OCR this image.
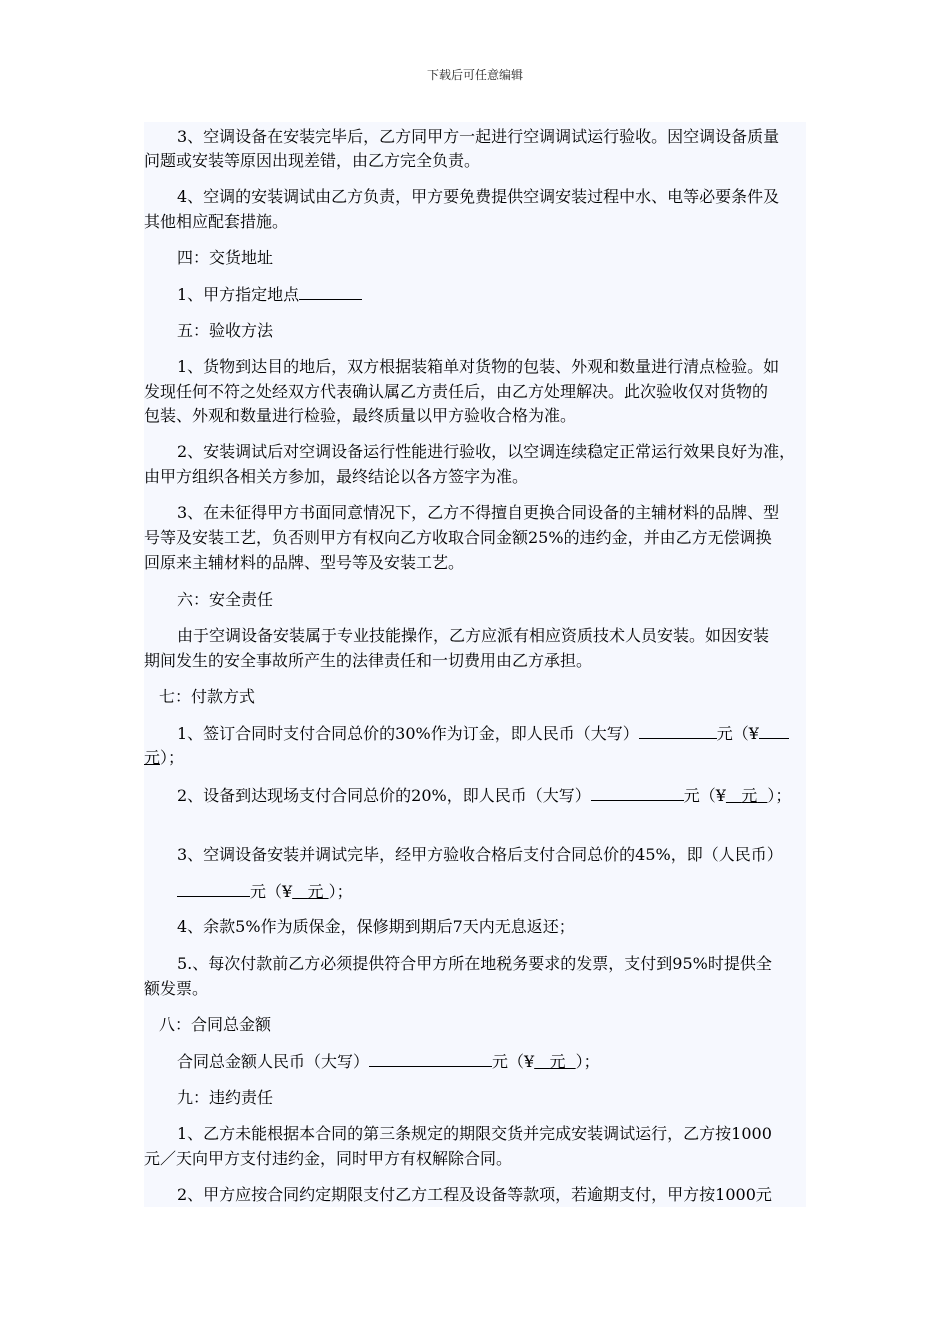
下载后可任意编辑
3、空调设备在安装完毕后，乙方同甲方一起进行空调调试运行验收。因空调设备质量
问题或安装等原因出现差错，由乙方完全负责。
4、空调的安装调试由乙方负责，甲方要免费提供空调安装过程中水、电等必要条件及
其他相应配套措施。
四：交货地址
1、甲方指定地点
五：验收方法
1、货物到达目的地后，双方根据装箱单对货物的包装、外观和数量进行清点检验。如
发现任何不符之处经双方代表确认属乙方责任后，由乙方处理解决。此次验收仅对货物的
包装、外观和数量进行检验，最终质量以甲方验收合格为准。
2、安装调试后对空调设备运行性能进行验收，以空调连续稳定正常运行效果良好为准，
由甲方组织各相关方参加，最终结论以各方签字为准。
3、在未征得甲方书面同意情况下，乙方不得擅自更换合同设备的主辅材料的品牌、型
号等及安装工艺，负否则甲方有权向乙方收取合同金额25%的违约金，并由乙方无偿调换
回原来主辅材料的品牌、型号等及安装工艺。
六：安全责任
由于空调设备安装属于专业技能操作，乙方应派有相应资质技术人员安装。如因安装
期间发生的安全事故所产生的法律责任和一切费用由乙方承担。
七：付款方式
1、签订合同时支付合同总价的30%作为订金，即人民币（大写）	元（¥
元）；
2、设备到达现场支付合同总价的20%，即人民币（大写）	元（¥ 元 ）；
3、空调设备安装并调试完毕，经甲方验收合格后支付合同总价的45%，即（人民币）
元（¥ 元 ）；
4、余款5%作为质保金，保修期到期后7天内无息返还；
5.、每次付款前乙方必须提供符合甲方所在地税务要求的发票，支付到95%时提供全
额发票。
八：合同总金额
合同总金额人民币（大写）	元（¥ 元 ）；
九：违约责任
1、乙方未能根据本合同的第三条规定的期限交货并完成安装调试运行，乙方按1000
元／天向甲方支付违约金，同时甲方有权解除合同。
2、甲方应按合同约定期限支付乙方工程及设备等款项，若逾期支付，甲方按1000元
